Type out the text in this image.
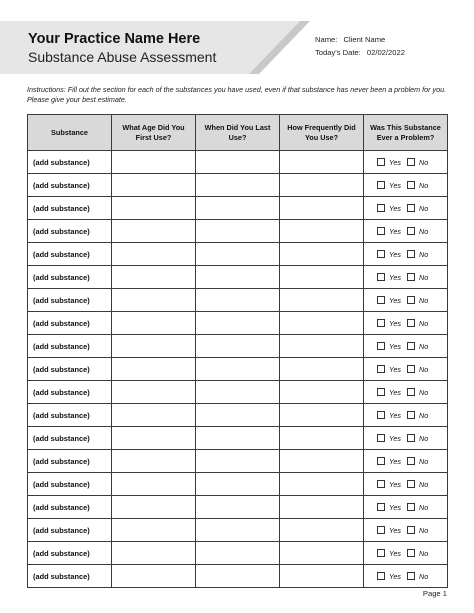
Your Practice Name Here
Substance Abuse Assessment
Name: Client Name
Today's Date: 02/02/2022
Instructions: Fill out the section for each of the substances you have used, even if that substance has never been a problem for you. Please give your best estimate.
Substance	What Age Did You First Use?	When Did You Last Use?	How Frequently Did You Use?	Was This Substance Ever a Problem?
(add substance)				Yes No
(add substance)				Yes No
(add substance)				Yes No
(add substance)				Yes No
(add substance)				Yes No
(add substance)				Yes No
(add substance)				Yes No
(add substance)				Yes No
(add substance)				Yes No
(add substance)				Yes No
(add substance)				Yes No
(add substance)				Yes No
(add substance)				Yes No
(add substance)				Yes No
(add substance)				Yes No
(add substance)				Yes No
(add substance)				Yes No
(add substance)				Yes No
(add substance)				Yes No
Page 1
